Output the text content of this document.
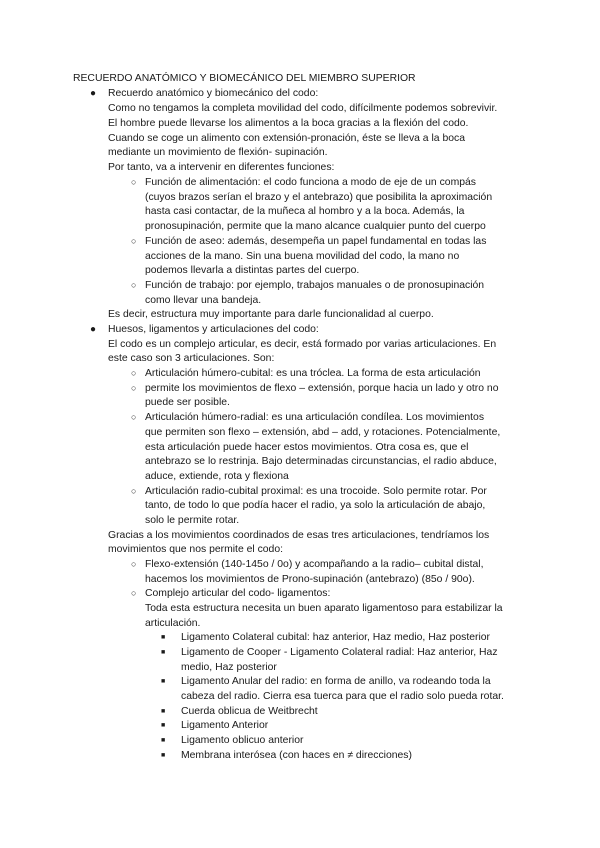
RECUERDO ANATÓMICO Y BIOMECÁNICO DEL MIEMBRO SUPERIOR
● Recuerdo anatómico y biomecánico del codo:
Como no tengamos la completa movilidad del codo, difícilmente podemos sobrevivir.
El hombre puede llevarse los alimentos a la boca gracias a la flexión del codo.
Cuando se coge un alimento con extensión-pronación, éste se lleva a la boca
mediante un movimiento de flexión- supinación.
Por tanto, va a intervenir en diferentes funciones:
○ Función de alimentación: el codo funciona a modo de eje de un compás
(cuyos brazos serían el brazo y el antebrazo) que posibilita la aproximación
hasta casi contactar, de la muñeca al hombro y a la boca. Además, la
pronosupinación, permite que la mano alcance cualquier punto del cuerpo
○ Función de aseo: además, desempeña un papel fundamental en todas las
acciones de la mano. Sin una buena movilidad del codo, la mano no
podemos llevarla a distintas partes del cuerpo.
○ Función de trabajo: por ejemplo, trabajos manuales o de pronosupinación
como llevar una bandeja.
Es decir, estructura muy importante para darle funcionalidad al cuerpo.
● Huesos, ligamentos y articulaciones del codo:
El codo es un complejo articular, es decir, está formado por varias articulaciones. En
este caso son 3 articulaciones. Son:
○ Articulación húmero-cubital: es una tróclea. La forma de esta articulación
○ permite los movimientos de flexo – extensión, porque hacia un lado y otro no
puede ser posible.
○ Articulación húmero-radial: es una articulación condílea. Los movimientos
que permiten son flexo – extensión, abd – add, y rotaciones. Potencialmente,
esta articulación puede hacer estos movimientos. Otra cosa es, que el
antebrazo se lo restrinja. Bajo determinadas circunstancias, el radio abduce,
aduce, extiende, rota y flexiona
○ Articulación radio-cubital proximal: es una trocoide. Solo permite rotar. Por
tanto, de todo lo que podía hacer el radio, ya solo la articulación de abajo,
solo le permite rotar.
Gracias a los movimientos coordinados de esas tres articulaciones, tendríamos los
movimientos que nos permite el codo:
○ Flexo-extensión (140-145o / 0o) y acompañando a la radio– cubital distal,
hacemos los movimientos de Prono-supinación (antebrazo) (85o / 90o).
○ Complejo articular del codo- ligamentos:
Toda esta estructura necesita un buen aparato ligamentoso para estabilizar la
articulación.
■ Ligamento Colateral cubital: haz anterior, Haz medio, Haz posterior
■ Ligamento de Cooper - Ligamento Colateral radial: Haz anterior, Haz
medio, Haz posterior
■ Ligamento Anular del radio: en forma de anillo, va rodeando toda la
cabeza del radio. Cierra esa tuerca para que el radio solo pueda rotar.
■ Cuerda oblicua de Weitbrecht
■ Ligamento Anterior
■ Ligamento oblicuo anterior
■ Membrana interósea (con haces en ≠ direcciones)
